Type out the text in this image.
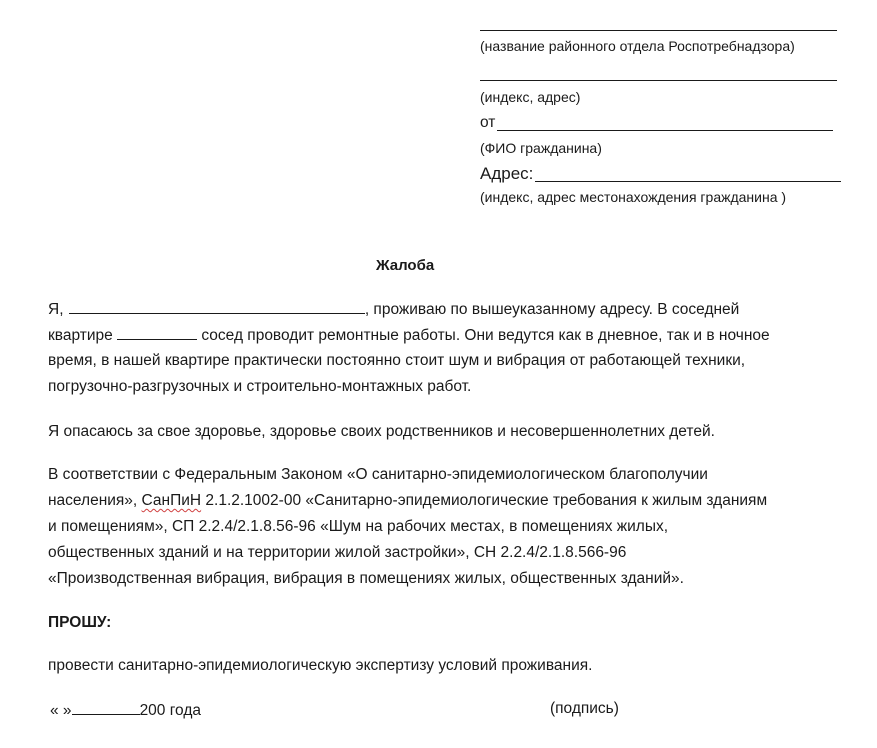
(название районного отдела Роспотребнадзора)
(индекс, адрес)
от
(ФИО гражданина)
Адрес:
(индекс, адрес местонахождения гражданина )
Жалоба
Я,	, проживаю по вышеуказанному адресу. В соседней
квартире	сосед проводит ремонтные работы. Они ведутся как в дневное, так и в ночное
время, в нашей квартире практически постоянно стоит шум и вибрация от работающей техники,
погрузочно-разгрузочных и строительно-монтажных работ.
Я опасаюсь за свое здоровье, здоровье своих родственников и несовершеннолетних детей.
В соответствии с Федеральным Законом «О санитарно-эпидемиологическом благополучии
населения», СанПиН 2.1.2.1002-00 «Санитарно-эпидемиологические требования к жилым зданиям
и помещениям», СП 2.2.4/2.1.8.56-96 «Шум на рабочих местах, в помещениях жилых,
общественных зданий и на территории жилой застройки», СН 2.2.4/2.1.8.566-96
«Производственная вибрация, вибрация в помещениях жилых, общественных зданий».
ПРОШУ:
провести санитарно-эпидемиологическую экспертизу условий проживания.
« »	200 года	(подпись)
